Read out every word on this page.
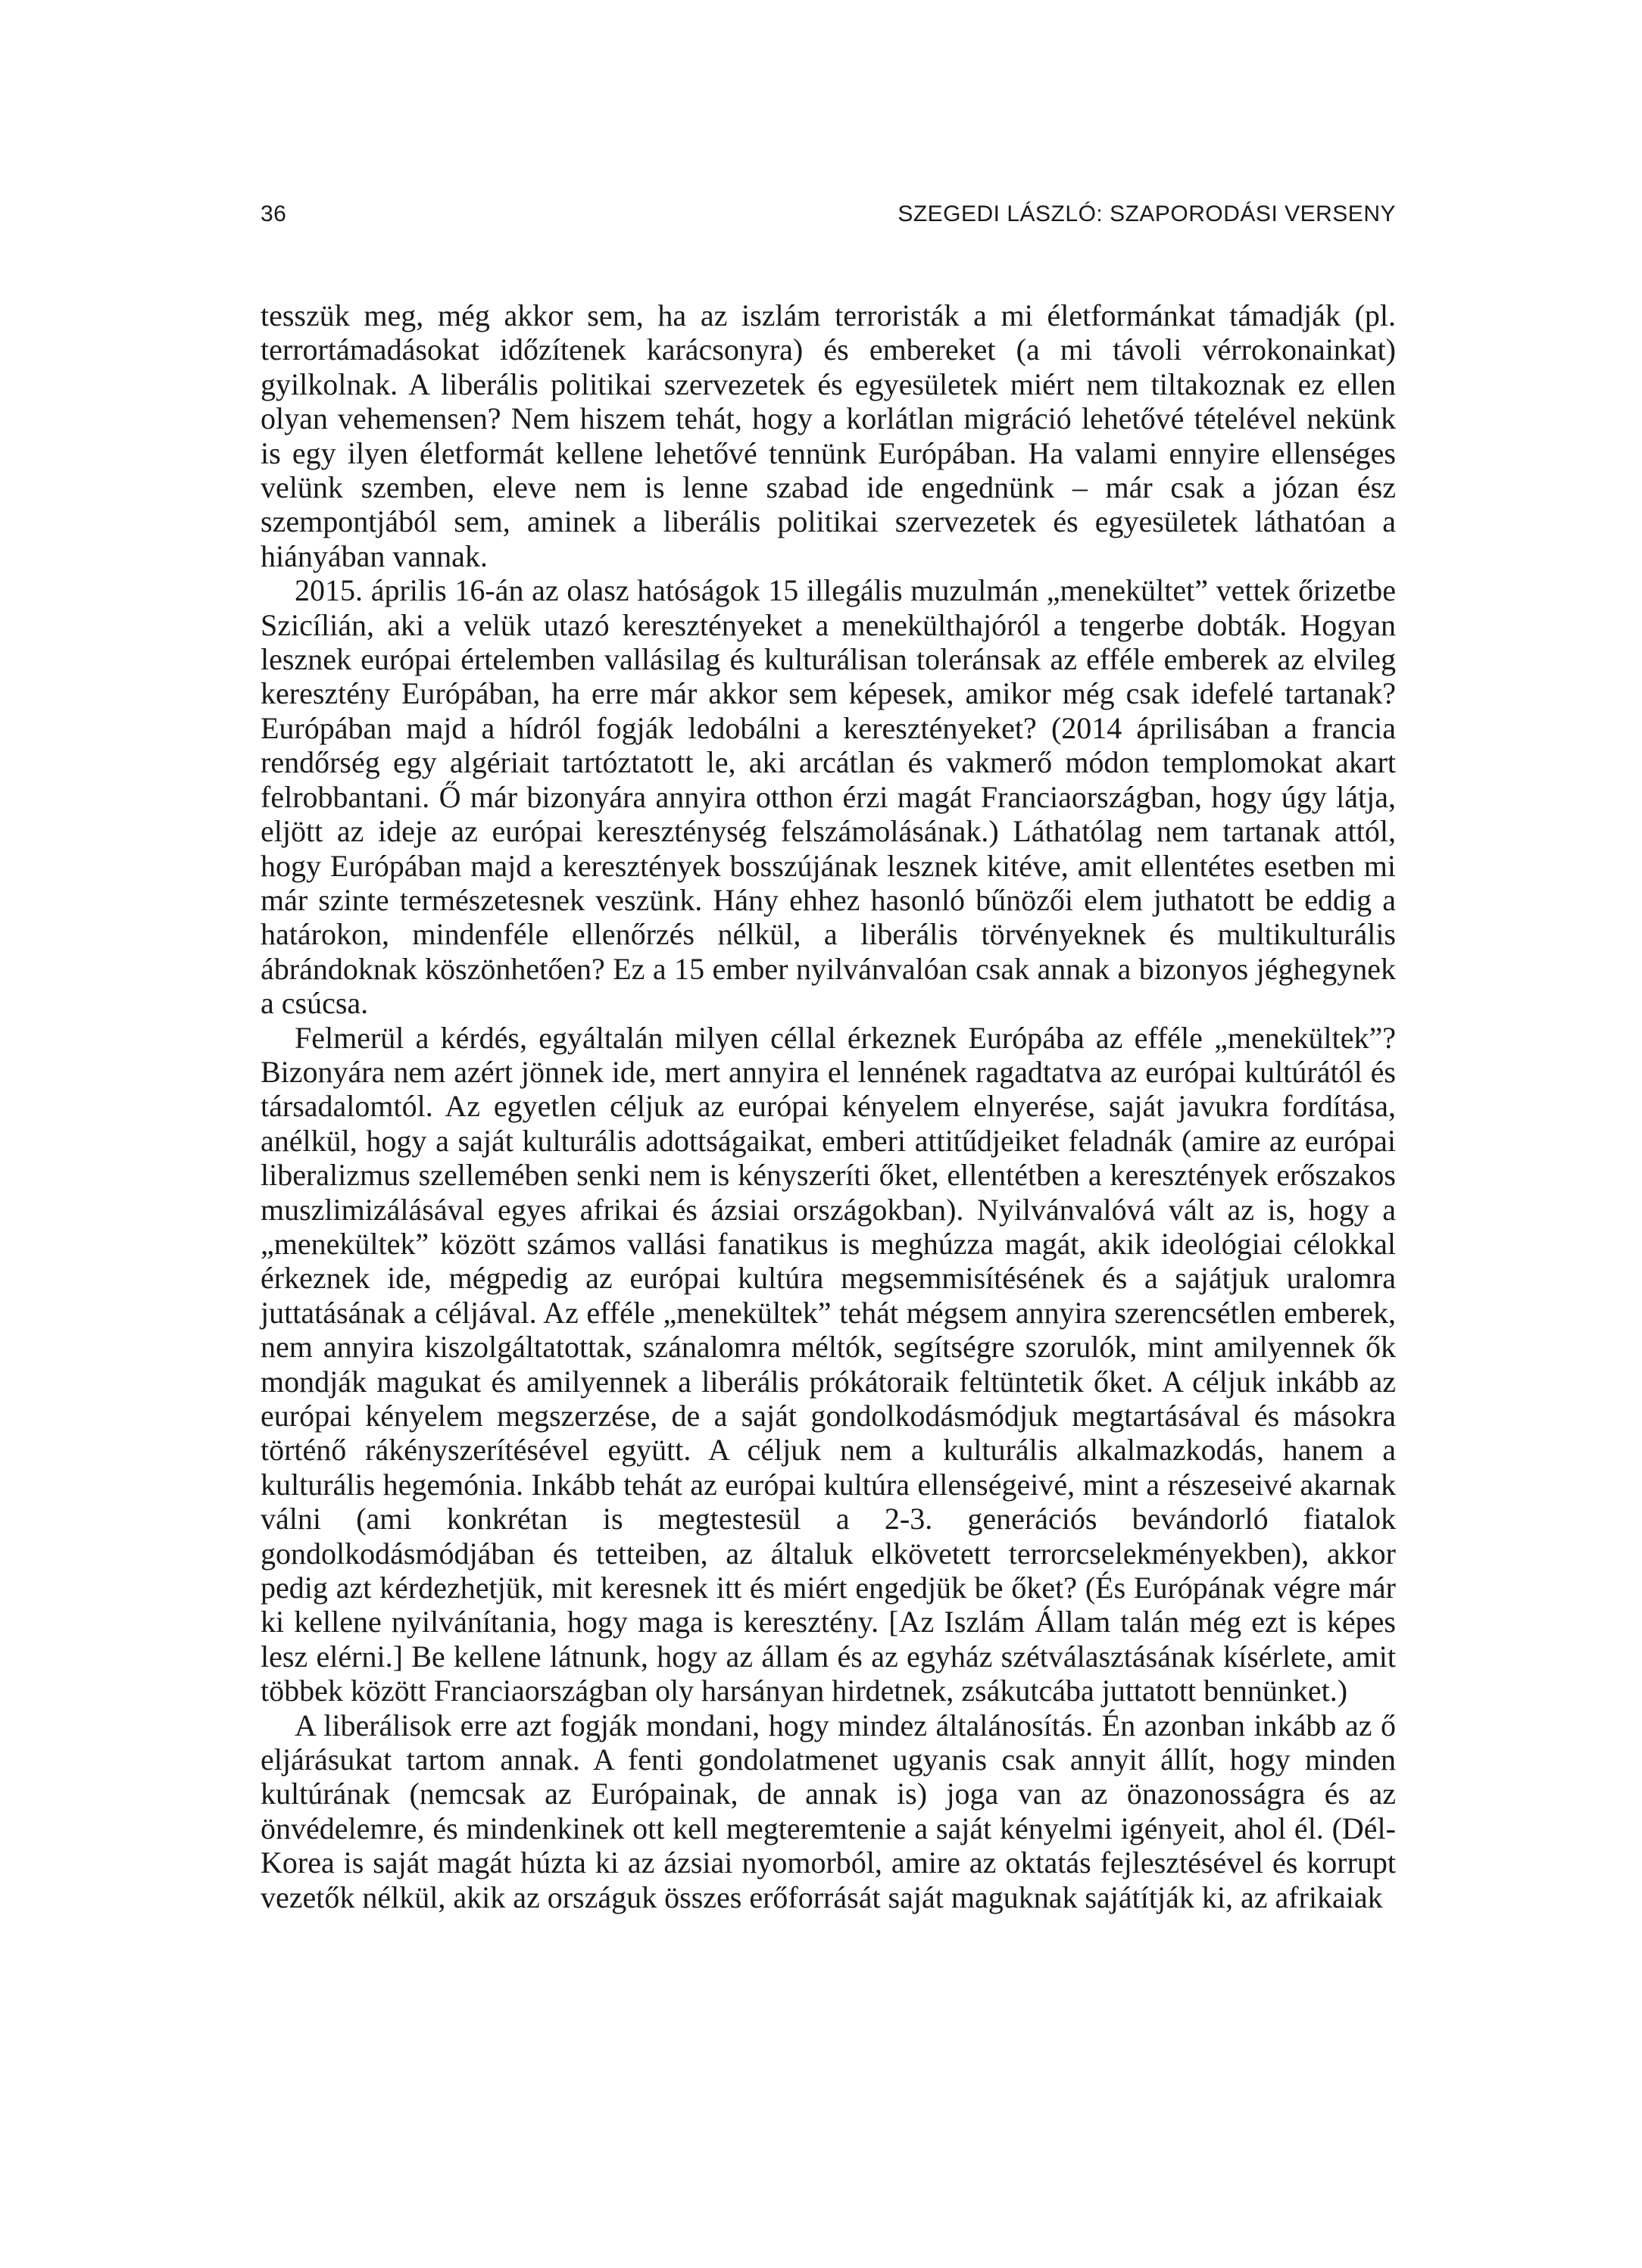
36	SZEGEDI LÁSZLÓ: SZAPORODÁSI VERSENY

tesszük meg, még akkor sem, ha az iszlám terroristák a mi életformánkat támadják (pl. terrortámadásokat időzítenek karácsonyra) és embereket (a mi távoli vérrokonainkat) gyilkolnak. A liberális politikai szervezetek és egyesületek miért nem tiltakoznak ez ellen olyan vehemensen? Nem hiszem tehát, hogy a korlátlan migráció lehetővé tételével nekünk is egy ilyen életformát kellene lehetővé tennünk Európában. Ha valami ennyire ellenséges velünk szemben, eleve nem is lenne szabad ide engednünk – már csak a józan ész szempontjából sem, aminek a liberális politikai szervezetek és egyesületek láthatóan a hiányában vannak.

2015. április 16-án az olasz hatóságok 15 illegális muzulmán „menekültet” vettek őrizetbe Szicílián, aki a velük utazó keresztényeket a menekülthajóról a tengerbe dobták. Hogyan lesznek európai értelemben vallásilag és kulturálisan toleránsak az efféle emberek az elvileg keresztény Európában, ha erre már akkor sem képesek, amikor még csak idefelé tartanak? Európában majd a hídról fogják ledobálni a keresztényeket? (2014 áprilisában a francia rendőrség egy algériait tartóztatott le, aki arcátlan és vakmerő módon templomokat akart felrobbantani. Ő már bizonyára annyira otthon érzi magát Franciaországban, hogy úgy látja, eljött az ideje az európai kereszténység felszámolásának.) Láthatólag nem tartanak attól, hogy Európában majd a keresztények bosszújának lesznek kitéve, amit ellentétes esetben mi már szinte természetesnek veszünk. Hány ehhez hasonló bűnözői elem juthatott be eddig a határokon, mindenféle ellenőrzés nélkül, a liberális törvényeknek és multikulturális ábrándoknak köszönhetően? Ez a 15 ember nyilvánvalóan csak annak a bizonyos jéghegynek a csúcsa.

Felmerül a kérdés, egyáltalán milyen céllal érkeznek Európába az efféle „menekültek”? Bizonyára nem azért jönnek ide, mert annyira el lennének ragadtatva az európai kultúrától és társadalomtól. Az egyetlen céljuk az európai kényelem elnyerése, saját javukra fordítása, anélkül, hogy a saját kulturális adottságaikat, emberi attitűdjeiket feladnák (amire az európai liberalizmus szellemében senki nem is kényszeríti őket, ellentétben a keresztények erőszakos muszlimizálásával egyes afrikai és ázsiai országokban). Nyilvánvalóvá vált az is, hogy a „menekültek” között számos vallási fanatikus is meghúzza magát, akik ideológiai célokkal érkeznek ide, mégpedig az európai kultúra megsemmisítésének és a sajátjuk uralomra juttatásának a céljával. Az efféle „menekültek” tehát mégsem annyira szerencsétlen emberek, nem annyira kiszolgáltatottak, szánalomra méltók, segítségre szorulók, mint amilyennek ők mondják magukat és amilyennek a liberális prókátoraik feltüntetik őket. A céljuk inkább az európai kényelem megszerzése, de a saját gondolkodásmódjuk megtartásával és másokra történő rákényszerítésével együtt. A céljuk nem a kulturális alkalmazkodás, hanem a kulturális hegemónia. Inkább tehát az európai kultúra ellenségeivé, mint a részeseivé akarnak válni (ami konkrétan is megtestesül a 2-3. generációs bevándorló fiatalok gondolkodásmódjában és tetteiben, az általuk elkövetett terrorcselekményekben), akkor pedig azt kérdezhetjük, mit keresnek itt és miért engedjük be őket? (És Európának végre már ki kellene nyilvánítania, hogy maga is keresztény. [Az Iszlám Állam talán még ezt is képes lesz elérni.] Be kellene látnunk, hogy az állam és az egyház szétválasztásának kísérlete, amit többek között Franciaországban oly harsányan hirdetnek, zsákutcába juttatott bennünket.)

A liberálisok erre azt fogják mondani, hogy mindez általánosítás. Én azonban inkább az ő eljárásukat tartom annak. A fenti gondolatmenet ugyanis csak annyit állít, hogy minden kultúrának (nemcsak az Európainak, de annak is) joga van az önazonosságra és az önvédelemre, és mindenkinek ott kell megteremtenie a saját kényelmi igényeit, ahol él. (Dél-Korea is saját magát húzta ki az ázsiai nyomorból, amire az oktatás fejlesztésével és korrupt vezetők nélkül, akik az országuk összes erőforrását saját maguknak sajátítják ki, az afrikaiak
